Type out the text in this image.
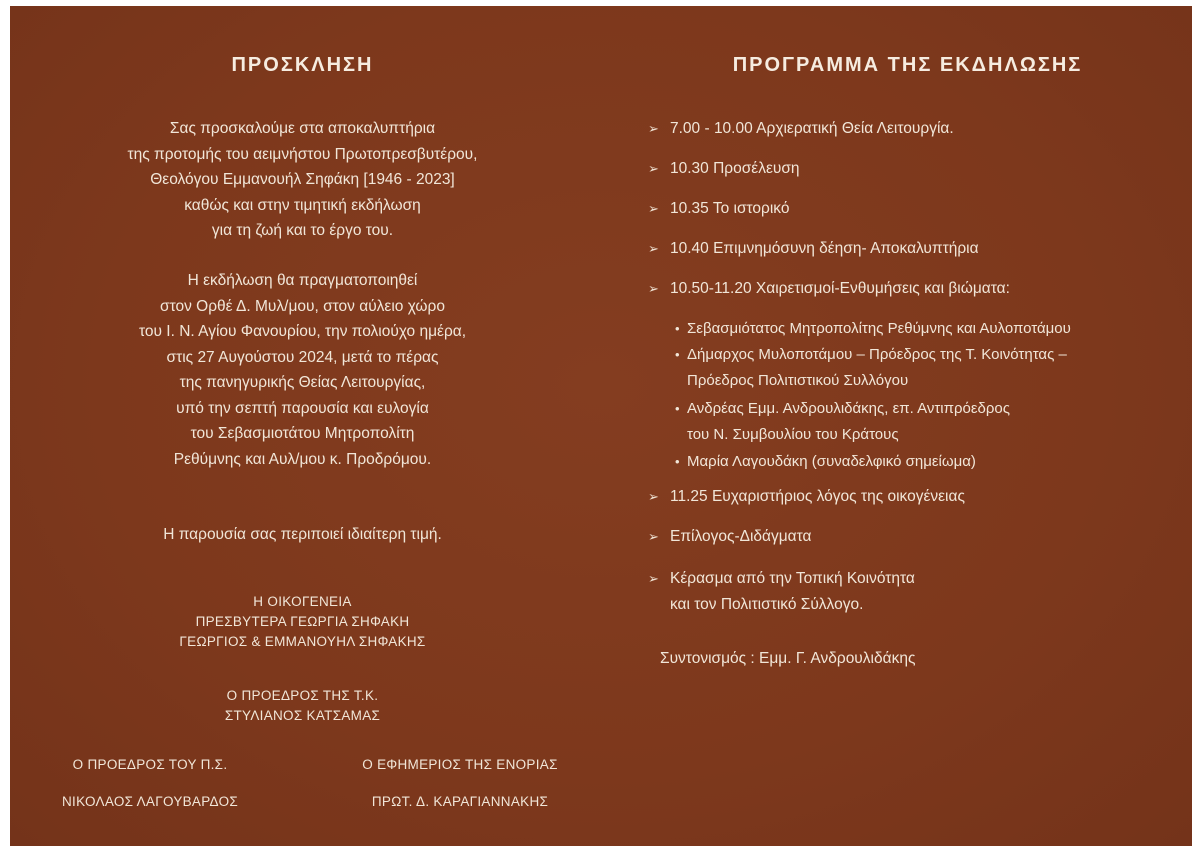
ΠΡΟΣΚΛΗΣΗ
Σας προσκαλούμε στα αποκαλυπτήρια
της προτομής του αειμνήστου Πρωτοπρεσβυτέρου,
Θεολόγου Εμμανουήλ Σηφάκη [1946 - 2023]
καθώς και στην τιμητική εκδήλωση
για τη ζωή και το έργο του.
Η εκδήλωση θα πραγματοποιηθεί
στον Ορθέ Δ. Μυλ/μου, στον αύλειο χώρο
του Ι. Ν. Αγίου Φανουρίου, την πολιούχο ημέρα,
στις 27 Αυγούστου 2024, μετά το πέρας
της πανηγυρικής Θείας Λειτουργίας,
υπό την σεπτή παρουσία και ευλογία
του Σεβασμιοτάτου Μητροπολίτη
Ρεθύμνης και Αυλ/μου κ. Προδρόμου.
Η παρουσία σας περιποιεί ιδιαίτερη τιμή.
Η ΟΙΚΟΓΕΝΕΙΑ
ΠΡΕΣΒΥΤΕΡΑ ΓΕΩΡΓΙΑ ΣΗΦΑΚΗ
ΓΕΩΡΓΙΟΣ & ΕΜΜΑΝΟΥΗΛ ΣΗΦΑΚΗΣ
Ο ΠΡΟΕΔΡΟΣ ΤΗΣ Τ.Κ.
ΣΤΥΛΙΑΝΟΣ ΚΑΤΣΑΜΑΣ
Ο ΠΡΟΕΔΡΟΣ ΤΟΥ Π.Σ.
ΝΙΚΟΛΑΟΣ ΛΑΓΟΥΒΑΡΔΟΣ
Ο ΕΦΗΜΕΡΙΟΣ ΤΗΣ ΕΝΟΡΙΑΣ
ΠΡΩΤ. Δ. ΚΑΡΑΓΙΑΝΝΑΚΗΣ
ΠΡΟΓΡΑΜΜΑ ΤΗΣ ΕΚΔΗΛΩΣΗΣ
➢ 7.00 - 10.00 Αρχιερατική Θεία Λειτουργία.
➢ 10.30 Προσέλευση
➢ 10.35 Το ιστορικό
➢ 10.40 Επιμνημόσυνη δέηση- Αποκαλυπτήρια
➢ 10.50-11.20 Χαιρετισμοί-Ενθυμήσεις και βιώματα:
• Σεβασμιότατος Μητροπολίτης Ρεθύμνης και Αυλοποτάμου
• Δήμαρχος Μυλοποτάμου – Πρόεδρος της Τ. Κοινότητας –
Πρόεδρος Πολιτιστικού Συλλόγου
• Ανδρέας Εμμ. Ανδρουλιδάκης, επ. Αντιπρόεδρος
του Ν. Συμβουλίου του Κράτους
• Μαρία Λαγουδάκη (συναδελφικό σημείωμα)
➢ 11.25 Ευχαριστήριος λόγος της οικογένειας
➢ Επίλογος-Διδάγματα
➢ Κέρασμα από την Τοπική Κοινότητα
και τον Πολιτιστικό Σύλλογο.
Συντονισμός : Εμμ. Γ. Ανδρουλιδάκης
